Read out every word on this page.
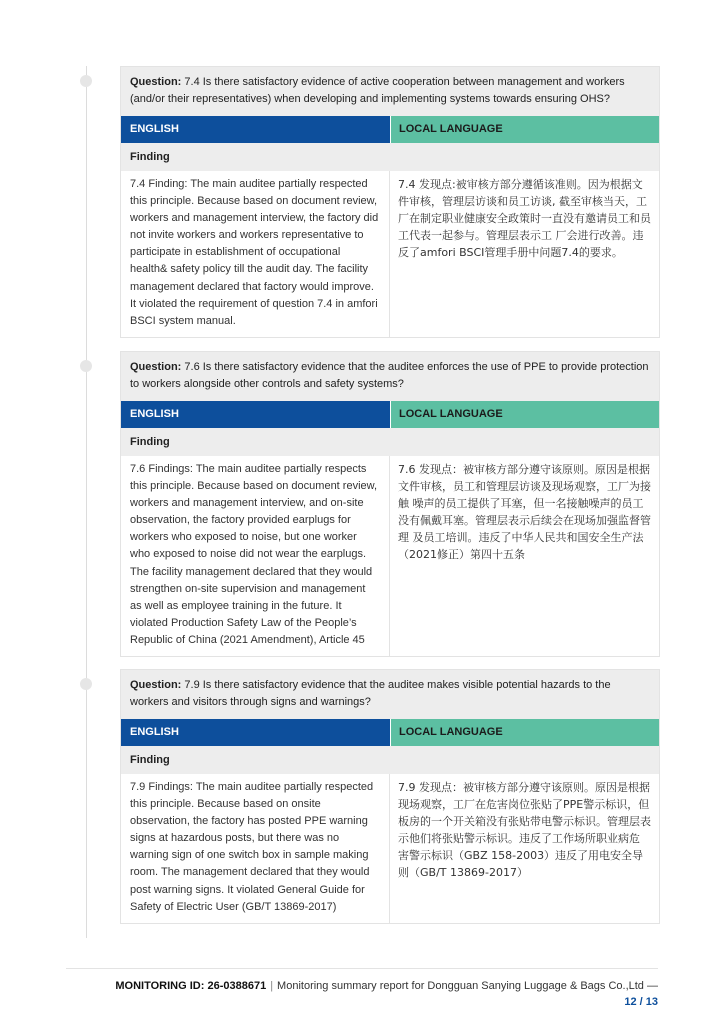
Question: 7.4 Is there satisfactory evidence of active cooperation between management and workers (and/or their representatives) when developing and implementing systems towards ensuring OHS?
ENGLISH	LOCAL LANGUAGE
Finding
7.4 Finding: The main auditee partially respected this principle. Because based on document review, workers and management interview, the factory did not invite workers and workers representative to participate in establishment of occupational health& safety policy till the audit day. The facility management declared that factory would improve. It violated the requirement of question 7.4 in amfori BSCI system manual.
7.4 发现点:被审核方部分遵循该准则。因为根据文件审核，管理层访谈和员工访谈, 截至审核当天，工厂在制定职业健康安全政策时一直没有邀请员工和员工代表一起参与。管理层表示工 厂会进行改善。违反了amfori BSCI管理手册中问题7.4的要求。
Question: 7.6 Is there satisfactory evidence that the auditee enforces the use of PPE to provide protection to workers alongside other controls and safety systems?
ENGLISH	LOCAL LANGUAGE
Finding
7.6 Findings: The main auditee partially respects this principle. Because based on document review, workers and management interview, and on-site observation, the factory provided earplugs for workers who exposed to noise, but one worker who exposed to noise did not wear the earplugs. The facility management declared that they would strengthen on-site supervision and management as well as employee training in the future. It violated Production Safety Law of the People’s Republic of China (2021 Amendment), Article 45
7.6 发现点：被审核方部分遵守该原则。原因是根据文件审核，员工和管理层访谈及现场观察，工厂为接触 噪声的员工提供了耳塞，但一名接触噪声的员工没有佩戴耳塞。管理层表示后续会在现场加强监督管理 及员工培训。违反了中华人民共和国安全生产法（2021修正）第四十五条
Question: 7.9 Is there satisfactory evidence that the auditee makes visible potential hazards to the workers and visitors through signs and warnings?
ENGLISH	LOCAL LANGUAGE
Finding
7.9 Findings: The main auditee partially respected this principle. Because based on onsite observation, the factory has posted PPE warning signs at hazardous posts, but there was no warning sign of one switch box in sample making room. The management declared that they would post warning signs. It violated General Guide for Safety of Electric User (GB/T 13869-2017)
7.9 发现点：被审核方部分遵守该原则。原因是根据现场观察，工厂在危害岗位张贴了PPE警示标识，但 板房的一个开关箱没有张贴带电警示标识。管理层表示他们将张贴警示标识。违反了工作场所职业病危 害警示标识（GBZ 158-2003）违反了用电安全导则（GB/T 13869-2017）
MONITORING ID: 26-0388671 | Monitoring summary report for Dongguan Sanying Luggage & Bags Co.,Ltd —
12 / 13
